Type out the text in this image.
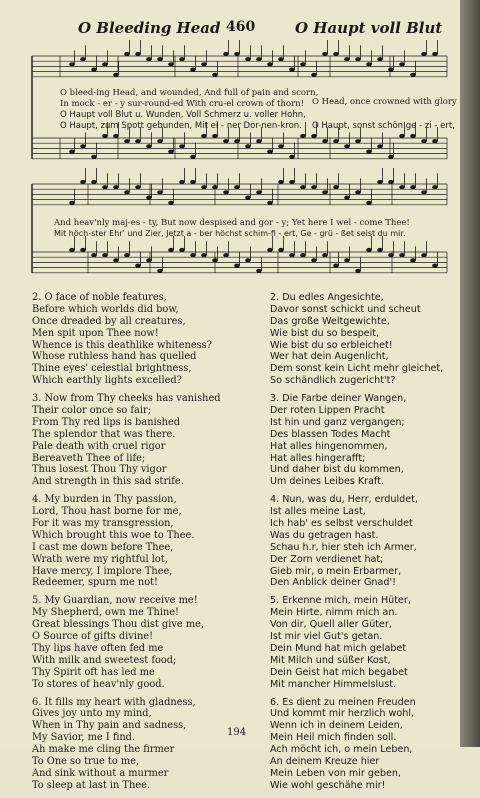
O Bleeding Head 460	O Haupt voll Blut
O bleed-ing Head, and wounded, And full of pain and scorn,
In mock - er - y sur-round-ed With cru-el crown of thorn!
O Haupt voll Blut u. Wunden, Voll Schmerz u. voller Hohn,
O Haupt, zum Spott gebunden, Mit ei - ner Dor-nen-kron.
O Head, once crowned with glory
O Haupt, sonst schön ge - zi - ert,
And heav'nly maj-es - ty, But now despised and gor - y; Yet here I wel - come Thee!
Mit höch-ster Ehr' und Zier, Jetzt a - ber höchst schim-fi - ert, Ge - grü - ßet seist du mir.
2. O face of noble features,
Before which worlds did bow,
Once dreaded by all creatures,
Men spit upon Thee now!
Whence is this deathlike whiteness?
Whose ruthless hand has quelled
Thine eyes' celestial brightness,
Which earthly lights excelled?
3. Now from Thy cheeks has vanished
Their color once so fair;
From Thy red lips is banished
The splendor that was there.
Pale death with cruel rigor
Bereaveth Thee of life;
Thus losest Thou Thy vigor
And strength in this sad strife.
4. My burden in Thy passion,
Lord, Thou hast borne for me,
For it was my transgression,
Which brought this woe to Thee.
I cast me down before Thee,
Wrath were my rightful lot,
Have mercy, I implore Thee,
Redeemer, spurn me not!
5. My Guardian, now receive me!
My Shepherd, own me Thine!
Great blessings Thou dist give me,
O Source of gifts divine!
Thy lips have often fed me
With milk and sweetest food;
Thy Spirit oft has led me
To stores of heav'nly good.
6. It fills my heart with gladness,
Gives joy unto my mind,
When in Thy pain and sadness,
My Savior, me I find.
Ah make me cling the firmer
To One so true to me,
And sink without a murmer
To sleep at last in Thee.
2. Du edles Angesichte,
Davor sonst schickt und scheut
Das große Weltgewichte,
Wie bist du so bespeit,
Wie bist du so erbleichet!
Wer hat dein Augenlicht,
Dem sonst kein Licht mehr gleichet,
So schändlich zugericht't?
3. Die Farbe deiner Wangen,
Der roten Lippen Pracht
Ist hin und ganz vergangen;
Des blassen Todes Macht
Hat alles hingenommen,
Hat alles hingerafft;
Und daher bist du kommen,
Um deines Leibes Kraft.
4. Nun, was du, Herr, erduldet,
Ist alles meine Last,
Ich hab' es selbst verschuldet
Was du getragen hast.
Schau h.r, hier steh ich Armer,
Der Zorn verdienet hat;
Gieb mir, o mein Erbarmer,
Den Anblick deiner Gnad'!
5. Erkenne mich, mein Hüter,
Mein Hirte, nimm mich an.
Von dir, Quell aller Güter,
Ist mir viel Gut's getan.
Dein Mund hat mich gelabet
Mit Milch und süßer Kost,
Dein Geist hat mich begabet
Mit mancher Himmelslust.
6. Es dient zu meinen Freuden
Und kommt mir herzlich wohl,
Wenn ich in deinem Leiden,
Mein Heil mich finden soll.
Ach möcht ich, o mein Leben,
An deinem Kreuze hier
Mein Leben von mir geben,
Wie wohl geschähe mir!
194
